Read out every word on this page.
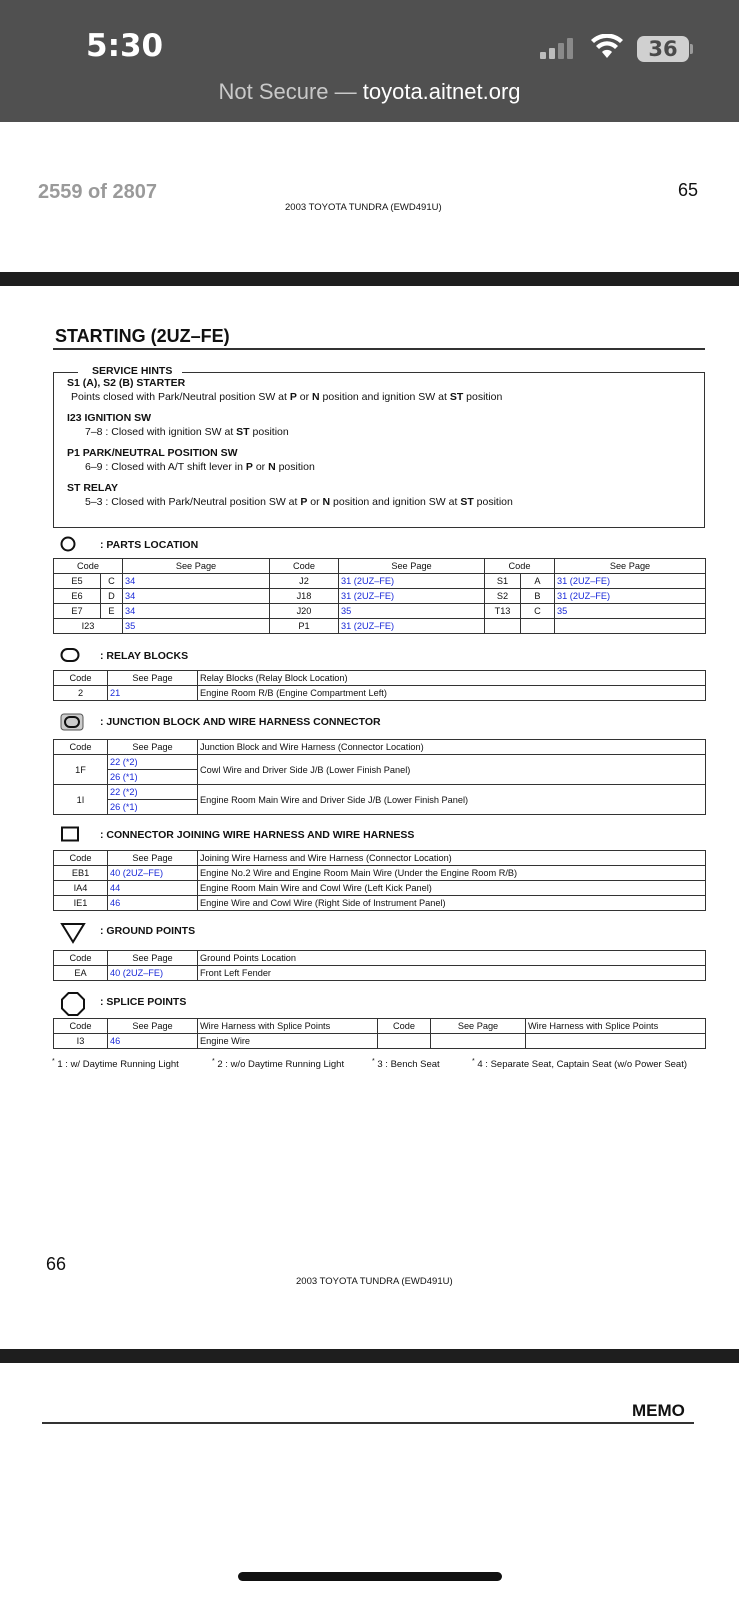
5:30	36
Not Secure — toyota.aitnet.org
2559 of 2807	65
2003 TOYOTA TUNDRA (EWD491U)
STARTING (2UZ–FE)
SERVICE HINTS
S1 (A), S2 (B) STARTER
Points closed with Park/Neutral position SW at P or N position and ignition SW at ST position
I23 IGNITION SW
7–8 : Closed with ignition SW at ST position
P1 PARK/NEUTRAL POSITION SW
6–9 : Closed with A/T shift lever in P or N position
ST RELAY
5–3 : Closed with Park/Neutral position SW at P or N position and ignition SW at ST position
: PARTS LOCATION
Code		See Page	Code	See Page	Code		See Page
E5	C	34	J2	31 (2UZ–FE)	S1	A	31 (2UZ–FE)
E6	D	34	J18	31 (2UZ–FE)	S2	B	31 (2UZ–FE)
E7	E	34	J20	35	T13	C	35
I23		35	P1	31 (2UZ–FE)			
: RELAY BLOCKS
Code	See Page	Relay Blocks (Relay Block Location)
2	21	Engine Room R/B (Engine Compartment Left)
: JUNCTION BLOCK AND WIRE HARNESS CONNECTOR
Code	See Page	Junction Block and Wire Harness (Connector Location)
1F	22 (*2)	Cowl Wire and Driver Side J/B (Lower Finish Panel)
	26 (*1)	
1I	22 (*2)	Engine Room Main Wire and Driver Side J/B (Lower Finish Panel)
	26 (*1)	
: CONNECTOR JOINING WIRE HARNESS AND WIRE HARNESS
Code	See Page	Joining Wire Harness and Wire Harness (Connector Location)
EB1	40 (2UZ–FE)	Engine No.2 Wire and Engine Room Main Wire (Under the Engine Room R/B)
IA4	44	Engine Room Main Wire and Cowl Wire (Left Kick Panel)
IE1	46	Engine Wire and Cowl Wire (Right Side of Instrument Panel)
: GROUND POINTS
Code	See Page	Ground Points Location
EA	40 (2UZ–FE)	Front Left Fender
: SPLICE POINTS
Code	See Page	Wire Harness with Splice Points	Code	See Page	Wire Harness with Splice Points
I3	46	Engine Wire			
* 1 : w/ Daytime Running Light	* 2 : w/o Daytime Running Light	* 3 : Bench Seat	* 4 : Separate Seat, Captain Seat (w/o Power Seat)
66
2003 TOYOTA TUNDRA (EWD491U)
MEMO
